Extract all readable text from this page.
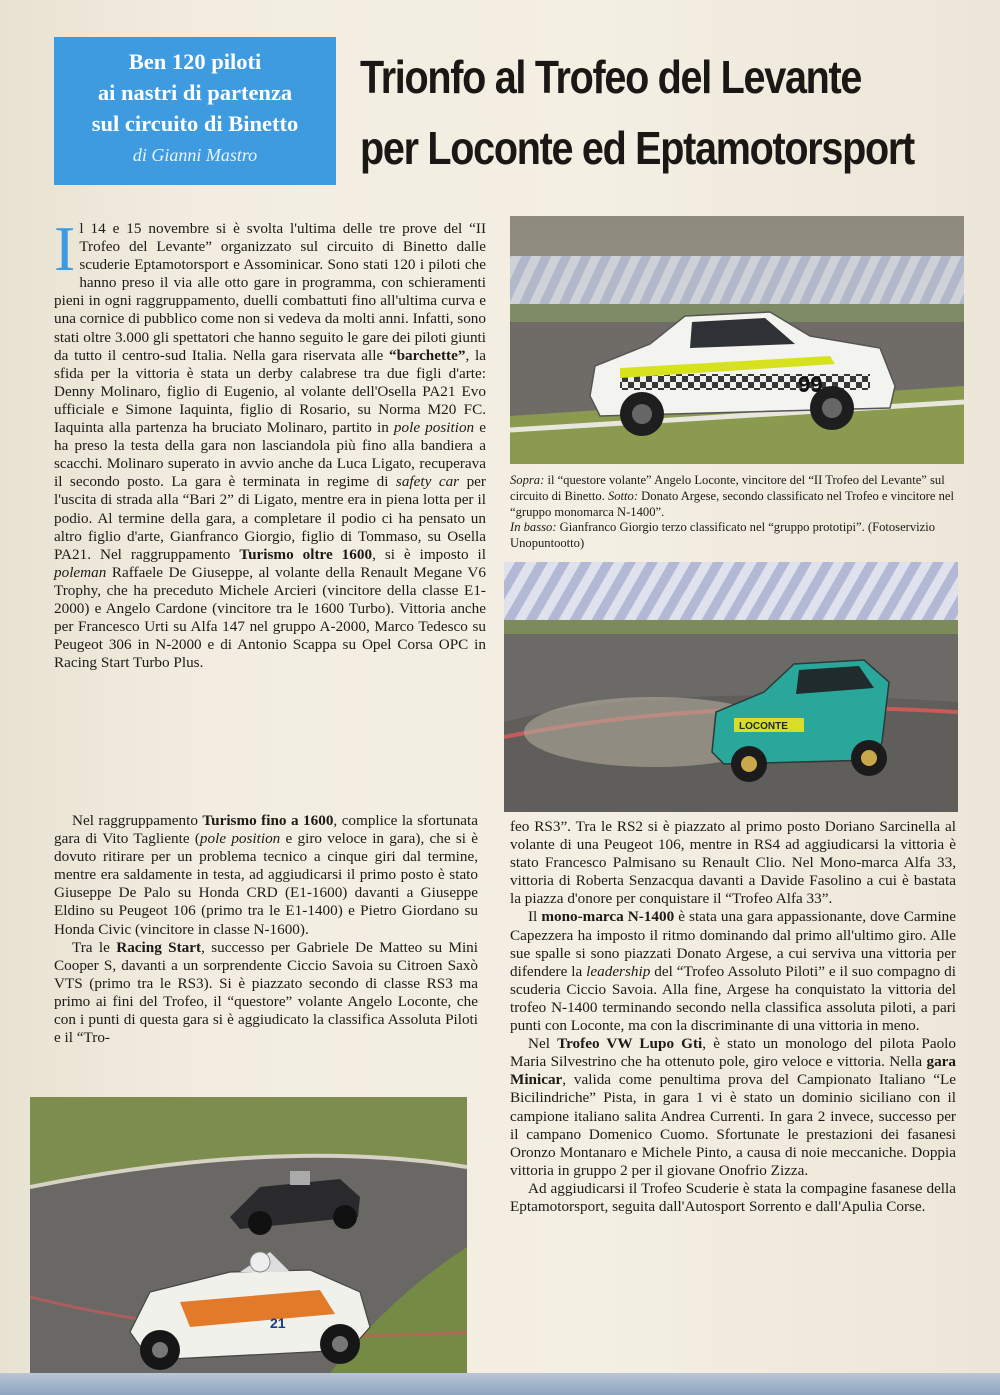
Ben 120 piloti
ai nastri di partenza
sul circuito di Binetto
di Gianni Mastro
Trionfo al Trofeo del Levante
per Loconte ed Eptamotorsport

Il 14 e 15 novembre si è svolta l'ultima delle tre prove del “II Trofeo del Levante” organizzato sul circuito di Binetto dalle scuderie Eptamotorsport e Assominicar. Sono stati 120 i piloti che hanno preso il via alle otto gare in programma, con schieramenti pieni in ogni raggruppamento, duelli combattuti fino all'ultima curva e una cornice di pubblico come non si vedeva da molti anni. Infatti, sono stati oltre 3.000 gli spettatori che hanno seguito le gare dei piloti giunti da tutto il centro-sud Italia. Nella gara riservata alle “barchette”, la sfida per la vittoria è stata un derby calabrese tra due figli d'arte: Denny Molinaro, figlio di Eugenio, al volante dell'Osella PA21 Evo ufficiale e Simone Iaquinta, figlio di Rosario, su Norma M20 FC. Iaquinta alla partenza ha bruciato Molinaro, partito in pole position e ha preso la testa della gara non lasciandola più fino alla bandiera a scacchi. Molinaro superato in avvio anche da Luca Ligato, recuperava il secondo posto. La gara è terminata in regime di safety car per l'uscita di strada alla “Bari 2” di Ligato, mentre era in piena lotta per il podio. Al termine della gara, a completare il podio ci ha pensato un altro figlio d'arte, Gianfranco Giorgio, figlio di Tommaso, su Osella PA21. Nel raggruppamento Turismo oltre 1600, si è imposto il poleman Raffaele De Giuseppe, al volante della Renault Megane V6 Trophy, che ha preceduto Michele Arcieri (vincitore della classe E1-2000) e Angelo Cardone (vincitore tra le 1600 Turbo). Vittoria anche per Francesco Urti su Alfa 147 nel gruppo A-2000, Marco Tedesco su Peugeot 306 in N-2000 e di Antonio Scappa su Opel Corsa OPC in Racing Start Turbo Plus.

Nel raggruppamento Turismo fino a 1600, complice la sfortunata gara di Vito Tagliente (pole position e giro veloce in gara), che si è dovuto ritirare per un problema tecnico a cinque giri dal termine, mentre era saldamente in testa, ad aggiudicarsi il primo posto è stato Giuseppe De Palo su Honda CRD (E1-1600) davanti a Giuseppe Eldino su Peugeot 106 (primo tra le E1-1400) e Pietro Giordano su Honda Civic (vincitore in classe N-1600).

Tra le Racing Start, successo per Gabriele De Matteo su Mini Cooper S, davanti a un sorprendente Ciccio Savoia su Citroen Saxò VTS (primo tra le RS3). Si è piazzato secondo di classe RS3 ma primo ai fini del Trofeo, il “questore” volante Angelo Loconte, che con i punti di questa gara si è aggiudicato la classifica Assoluta Piloti e il “Tro-

feo RS3”. Tra le RS2 si è piazzato al primo posto Doriano Sarcinella al volante di una Peugeot 106, mentre in RS4 ad aggiudicarsi la vittoria è stato Francesco Palmisano su Renault Clio. Nel Mono-marca Alfa 33, vittoria di Roberta Senzacqua davanti a Davide Fasolino a cui è bastata la piazza d'onore per conquistare il “Trofeo Alfa 33”.

Il mono-marca N-1400 è stata una gara appassionante, dove Carmine Capezzera ha imposto il ritmo dominando dal primo all'ultimo giro. Alle sue spalle si sono piazzati Donato Argese, a cui serviva una vittoria per difendere la leadership del “Trofeo Assoluto Piloti” e il suo compagno di scuderia Ciccio Savoia. Alla fine, Argese ha conquistato la vittoria del trofeo N-1400 terminando secondo nella classifica assoluta piloti, a pari punti con Loconte, ma con la discriminante di una vittoria in meno.

Nel Trofeo VW Lupo Gti, è stato un monologo del pilota Paolo Maria Silvestrino che ha ottenuto pole, giro veloce e vittoria. Nella gara Minicar, valida come penultima prova del Campionato Italiano “Le Bicilindriche” Pista, in gara 1 vi è stato un dominio siciliano con il campione italiano salita Andrea Currenti. In gara 2 invece, successo per il campano Domenico Cuomo. Sfortunate le prestazioni dei fasanesi Oronzo Montanaro e Michele Pinto, a causa di noie meccaniche. Doppia vittoria in gruppo 2 per il giovane Onofrio Zizza.

Ad aggiudicarsi il Trofeo Scuderie è stata la compagine fasanese della Eptamotorsport, seguita dall'Autosport Sorrento e dall'Apulia Corse.

99
Sopra: il “questore volante” Angelo Loconte, vincitore del “II Trofeo del Levante” sul circuito di Binetto. Sotto: Donato Argese, secondo classificato nel Trofeo e vincitore nel “gruppo monomarca N-1400”.
In basso: Gianfranco Giorgio terzo classificato nel “gruppo prototipi”. (Fotoservizio Unopuntootto)
LOCONTE
21
